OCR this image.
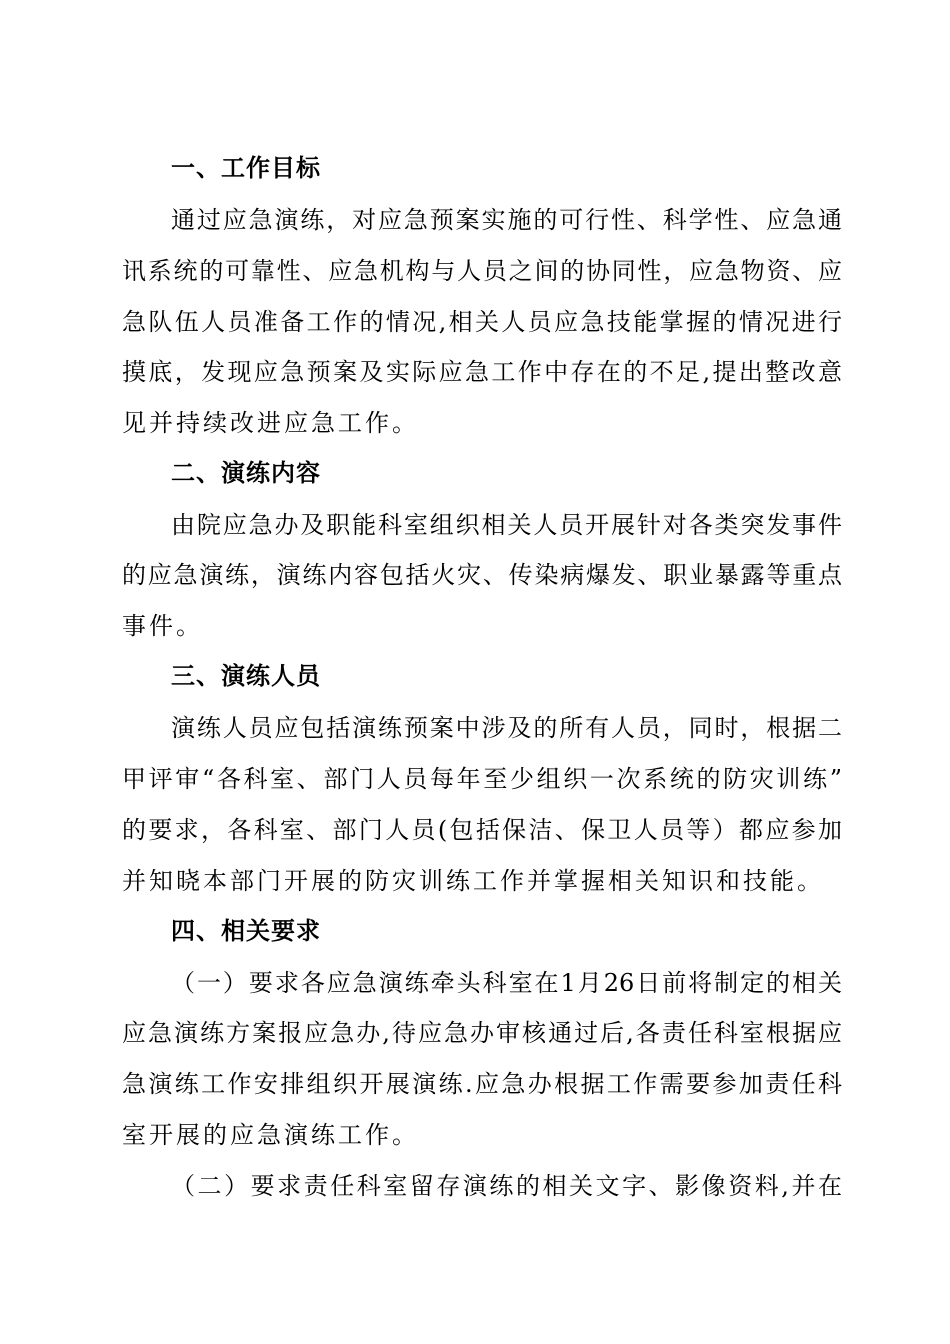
一、工作目标
通过应急演练，对应急预案实施的可行性、科学性、应急通
讯系统的可靠性、应急机构与人员之间的协同性，应急物资、应
急队伍人员准备工作的情况,相关人员应急技能掌握的情况进行
摸底，发现应急预案及实际应急工作中存在的不足,提出整改意
见并持续改进应急工作。
二、演练内容
由院应急办及职能科室组织相关人员开展针对各类突发事件
的应急演练，演练内容包括火灾、传染病爆发、职业暴露等重点
事件。
三、演练人员
演练人员应包括演练预案中涉及的所有人员，同时，根据二
甲评审“各科室、部门人员每年至少组织一次系统的防灾训练”
的要求，各科室、部门人员(包括保洁、保卫人员等）都应参加
并知晓本部门开展的防灾训练工作并掌握相关知识和技能。
四、相关要求
（一）要求各应急演练牵头科室在1月26日前将制定的相关
应急演练方案报应急办,待应急办审核通过后,各责任科室根据应
急演练工作安排组织开展演练.应急办根据工作需要参加责任科
室开展的应急演练工作。
（二）要求责任科室留存演练的相关文字、影像资料,并在
